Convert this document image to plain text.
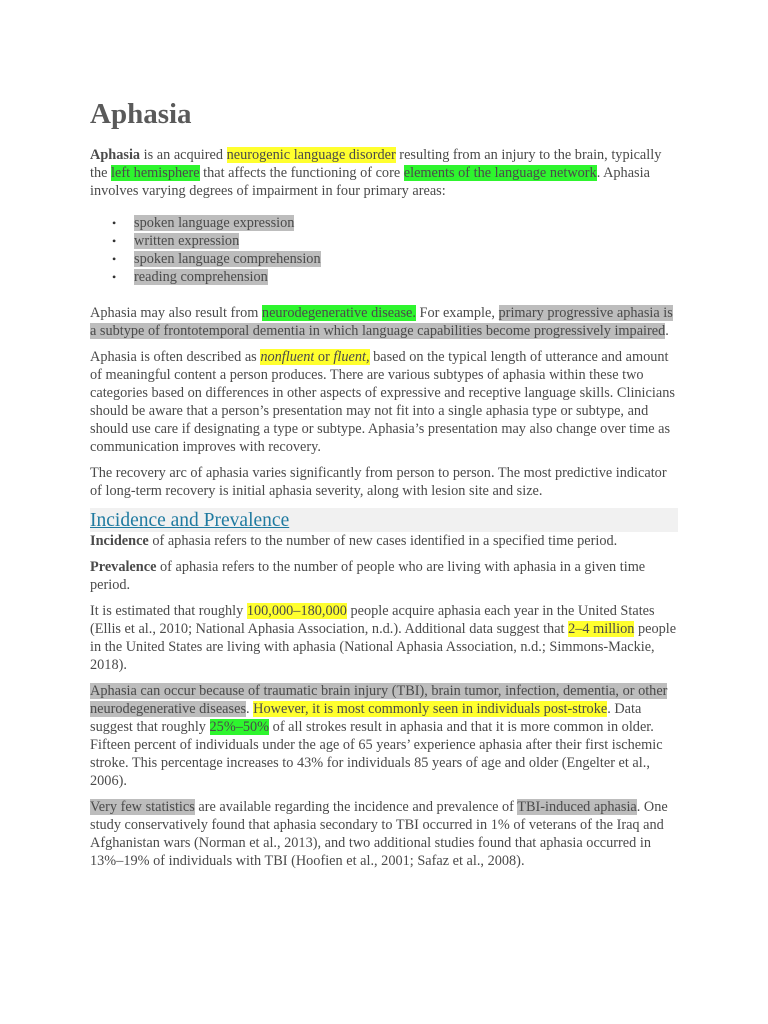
Aphasia

Aphasia is an acquired neurogenic language disorder resulting from an injury to the brain, typically the left hemisphere that affects the functioning of core elements of the language network. Aphasia involves varying degrees of impairment in four primary areas:

• spoken language expression
• written expression
• spoken language comprehension
• reading comprehension

Aphasia may also result from neurodegenerative disease. For example, primary progressive aphasia is a subtype of frontotemporal dementia in which language capabilities become progressively impaired.

Aphasia is often described as nonfluent or fluent, based on the typical length of utterance and amount of meaningful content a person produces. There are various subtypes of aphasia within these two categories based on differences in other aspects of expressive and receptive language skills. Clinicians should be aware that a person’s presentation may not fit into a single aphasia type or subtype, and should use care if designating a type or subtype. Aphasia’s presentation may also change over time as communication improves with recovery.

The recovery arc of aphasia varies significantly from person to person. The most predictive indicator of long-term recovery is initial aphasia severity, along with lesion site and size.

Incidence and Prevalence

Incidence of aphasia refers to the number of new cases identified in a specified time period.

Prevalence of aphasia refers to the number of people who are living with aphasia in a given time period.

It is estimated that roughly 100,000–180,000 people acquire aphasia each year in the United States (Ellis et al., 2010; National Aphasia Association, n.d.). Additional data suggest that 2–4 million people in the United States are living with aphasia (National Aphasia Association, n.d.; Simmons-Mackie, 2018).

Aphasia can occur because of traumatic brain injury (TBI), brain tumor, infection, dementia, or other neurodegenerative diseases. However, it is most commonly seen in individuals post-stroke. Data suggest that roughly 25%–50% of all strokes result in aphasia and that it is more common in older. Fifteen percent of individuals under the age of 65 years’ experience aphasia after their first ischemic stroke. This percentage increases to 43% for individuals 85 years of age and older (Engelter et al., 2006).

Very few statistics are available regarding the incidence and prevalence of TBI-induced aphasia. One study conservatively found that aphasia secondary to TBI occurred in 1% of veterans of the Iraq and Afghanistan wars (Norman et al., 2013), and two additional studies found that aphasia occurred in 13%–19% of individuals with TBI (Hoofien et al., 2001; Safaz et al., 2008).
